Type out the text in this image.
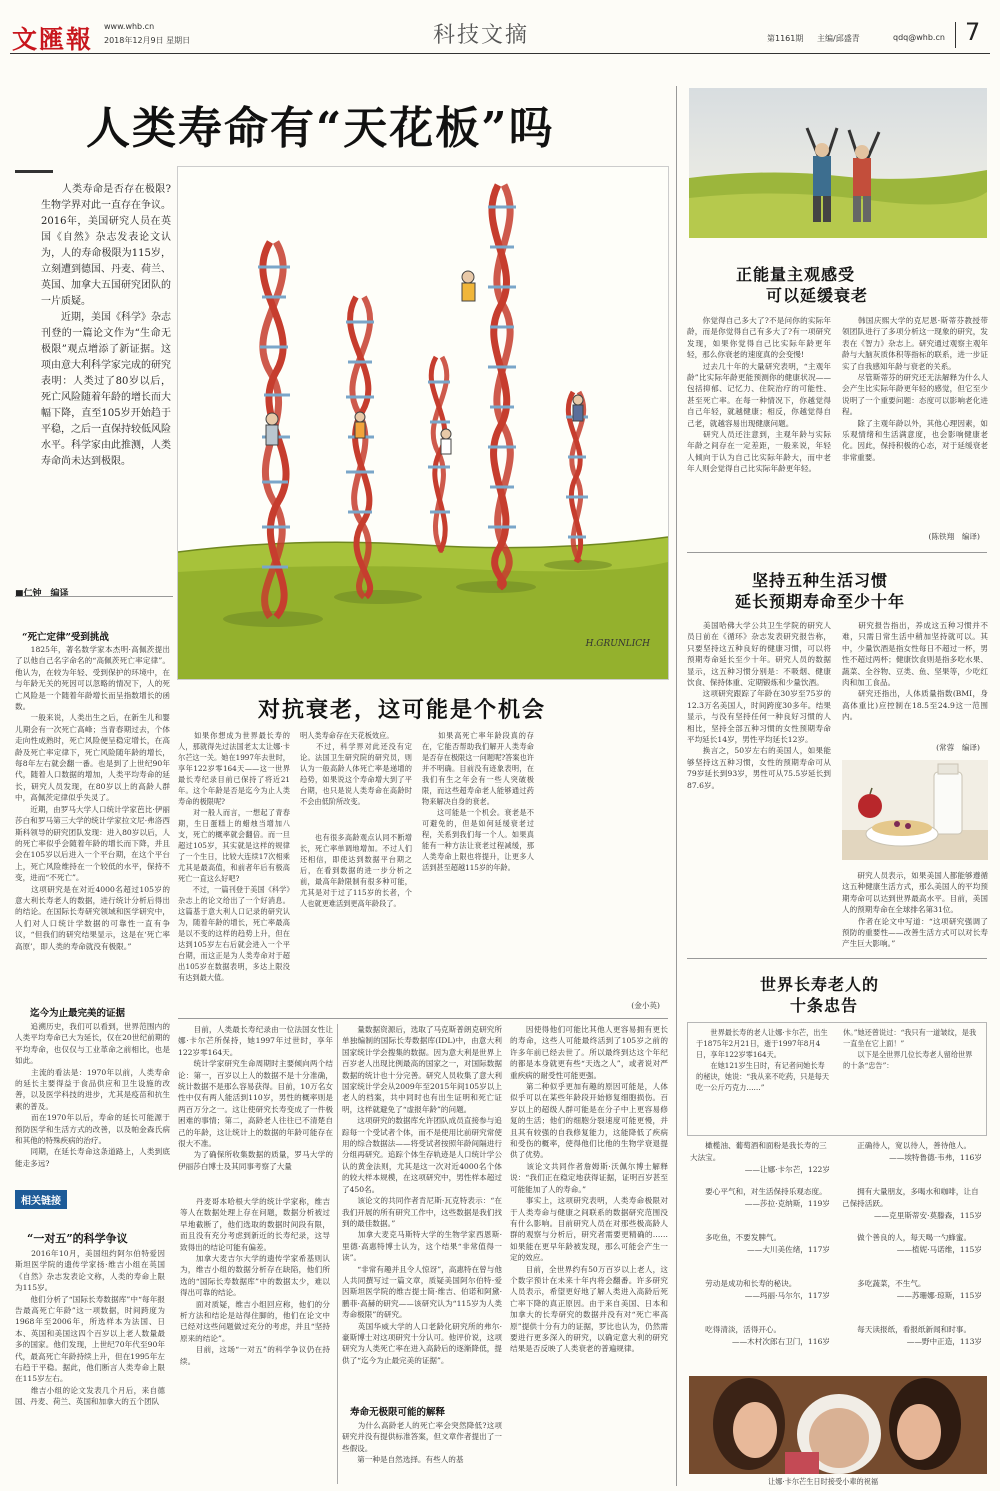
文匯報 www.whb.cn
2018年12月9日 星期日	科技文摘	第1161期 主编/邱盛青	qdq@whb.cn 7
人类寿命有“天花板”吗
　　人类寿命是否存在极限?生物学界对此一直存在争议。2016年，美国研究人员在英国《自然》杂志发表论文认为，人的寿命极限为115岁，立刻遭到德国、丹麦、荷兰、英国、加拿大五国研究团队的一片质疑。
　　近期，美国《科学》杂志刊登的一篇论文作为“生命无极限”观点增添了新证据。这项由意大利科学家完成的研究表明：人类过了80岁以后，死亡风险随着年龄的增长而大幅下降，直至105岁开始趋于平稳，之后一直保持较低风险水平。科学家由此推测，人类寿命尚未达到极限。
■仁钟　编译
H.GRUNLICH
对抗衰老，这可能是个机会
“死亡定律”受到挑战
　　1825年，著名数学家本杰明·高佩茨提出了以他自己名字命名的“高佩茨死亡率定律”。他认为，在较为年轻、受到保护的环境中，在与年龄无关的死因可以忽略的情况下，人的死亡风险是一个随着年龄增长而呈指数增长的函数。
　　一般来说，人类出生之后，在新生儿和婴儿期会有一次死亡高峰；当青春期过去，个体走向性成熟时，死亡风险便呈稳定增长，在高龄及死亡率定律下，死亡风险随年龄的增长，每8年左右就会翻一番。也是到了上世纪90年代，随着人口数据的增加，人类平均寿命的延长，研究人员发现，在80岁以上的高龄人群中，高佩茨定律似乎失灵了。
　　近期，由罗马大学人口统计学家芭比·伊丽莎白和罗马第三大学的统计学家拉文尼·弗洛西斯科领导的研究团队发现：进入80岁以后，人的死亡率似乎会随着年龄的增长而下降，并且会在105岁以后进入一个平台期，在这个平台上，死亡风险维持在一个较低的水平，保持不变，进而“不死亡”。
　　这项研究是在对近4000名超过105岁的意大利长寿老人的数据，进行统计分析后得出的结论。在国际长寿研究领域和医学研究中，人们对人口统计学数据的可靠性一直有争议，“但我们的研究结果显示，这是在‘死亡率高原’，即人类的寿命就没有极限。”
迄今为止最完美的证据
　　追溯历史，我们可以看到，世界范围内的人类平均寿命已大为延长，仅在20世纪前期的平均寿命，也仅仅与工业革命之前相比，也是如此。
　　主流的看法是：1970年以前，人类寿命的延长主要得益于食品供应和卫生设施的改善，以及医学科技的进步，尤其是疫苗和抗生素的普及。
　　而在1970年以后，寿命的延长可能源于预防医学和生活方式的改善，以及帕金森氏病和其他的特殊疾病的治疗。
　　同期，在延长寿命这条道路上，人类到底能走多远?
　　如果你想成为世界最长寿的人，那就得先过法国老太太让娜·卡尔芒这一关。她在1997年去世时，享年122岁零164天——这一世界最长寿纪录目前已保持了将近21年。这个年龄是否是迄今为止人类寿命的极限呢?
　　对一般人而言，一想起了青春期，生日蛋糕上的蜡烛当增加八支，死亡的概率就会翻倍。而一旦超过105岁，其实就是这样的规律了一个生日，比较大连续17次相乘尤其是最高值，和前者年后有极高死亡一直这么好吧?
　　不过，一篇刊登于美国《科学》杂志上的论文给出了一个好消息。这篇基于意大利人口记录的研究认为，随着年龄的增长，死亡率最高是以不变的这样的趋势上升，但在达到105岁左右后就会进入一个平台期，而这正是为人类寿命对于超出105岁在数据表明，多达上限没有达到最大值。
明人类寿命存在天花板效应。
　　不过，科学界对此还没有定论。法国卫生研究院的研究员，则认为一般高龄人体死亡率是递增的趋势，如果说这个寿命增大到了平台期，也只是说人类寿命在高龄时不会由低阶所改变。
　　也有很多高龄观点认同不断增长，死亡率单调地增加。不过人们还相信，即使达到数据平台期之后，在看到数据的进一步分析之前，最高年龄限制有很多种可能，尤其是对于过了115岁的长者，个人也就更难活到更高年龄段了。
　　如果高死亡率年龄段真的存在，它能否帮助我们解开人类寿命是否存在极限这一问题呢?答案也许并不明确。目前没有迹象表明，在我们有生之年会有一些人突破极限，而这些超寿命老人能够通过药物来解决自身的衰老。
　　这可能是一个机会。衰老是不可避免的，但是如何延缓衰老过程，关系到我们每一个人。如果真能有一种方法让衰老过程减缓，那人类寿命上限也将提升，让更多人活到甚至超越115岁的年龄。
(金小英)
　　目前，人类最长寿纪录由一位法国女性让娜·卡尔芒所保持，她1997年过世时，享年122岁零164天。
　　统计学家研究生命周期时主要倾向两个结论：第一，百岁以上人的数据不是十分准确，统计数据不是那么容易获得。目前，10万名女性中仅有两人能活到110岁，男性的概率则是两百万分之一。这让使研究长寿变成了一件极困难的事情；第二，高龄老人往往已不清楚自己的年龄，这让统计上的数据的年龄可能存在很大不准。
　　为了确保所收集数据的质量，罗马大学的伊丽莎白博士及其同事考察了大量
　　量数据资源后，选取了马克斯普朗克研究所单独编制的国际长寿数据库(IDL)中，由意大利国家统计学会搜集的数据。因为意大利是世界上百岁老人出现比例最高的国家之一，对国际数据数据的统计也十分完善。研究人员收集了意大利国家统计学会从2009年至2015年间105岁以上老人的档案，共中同时也有出生证明和死亡证明，这样就避免了“虚报年龄”的问题。
　　这项研究的数据库允许团队成员直接参与追踪每一个受试者个体，而不是使用比前研究常使用的综合数据法——将受试者按照年龄间隔进行分组再研究。追踪个体生存轨迹是人口统计学公认的黄金法则，尤其是这一次对近4000名个体的较大样本规模，在这项研究中，男性样本超过了450名。
　　该论文的共同作者肯尼斯·瓦克特表示：“在我们开展的所有研究工作中，这些数据是我们找到的最佳数据。”
　　加拿大麦克马斯特大学的生物学家西恩斯·里德·高惠特博士认为，这个结果“非常值得一读”。
　　“非常有趣并且令人惊讶”，高惠特在曾与他人共同撰写过一篇文章，质疑美国阿尔伯特·爱因斯坦医学院的维吉提士简·维吉、伯诺和阿黛·鹏菲·高赫的研究——该研究认为“115岁为人类寿命极限”的研究。
　　英国华威大学的人口老龄化研究所的弗尔·豪斯博士对这项研究十分认可。他评价说，这项研究为人类死亡率在进入高龄后的逐渐降低，提供了“迄今为止最完美的证据”。
寿命无极限可能的解释
　　为什么高龄老人的死亡率会突然降低?这项研究并没有提供标准答案，但文章作者提出了一些假设。
　　第一种是自然选择。有些人的基
　　因使得他们可能比其他人更容易拥有更长的寿命，这些人可能最终活到了105岁之前的许多年前已经去世了。所以最终到达这个年纪的都是本身就更有些“天选之人”，或者说对严重疾病的耐受性可能更强。
　　第二种似乎更加有趣的原因可能是，人体似乎可以在某些年龄段开始修复细胞损伤。百岁以上的超级人群可能是在分子中上更容易修复的生活；他们的细胞分裂速度可能更慢，并且其有较强的自我修复能力，这能降低了疾病和受伤的概率，使得他们比他的生物学衰退提供了优势。
　　该论文共同作者詹姆斯·沃佩尔博士解释说：“我们正在稳定地获得证据，证明百岁甚至可能能加了人的寿命。”
　　事实上，这项研究表明，人类寿命极限对于人类寿命与健康之间联系的数据研究范围没有什么影响。目前研究人员在对那些极高龄人群的观察与分析后，研究者需要更精确的……如果能在更早年龄被发现，那么可能会产生一定的效应。
　　目前，全世界约有50万百岁以上老人，这个数字预计在未来十年内将会翻番。许多研究人员表示，希望更好地了解人类进入高龄后死亡率下降的真正原因。由于来自美国、日本和加拿大的长寿研究的数据并没有对“死亡率高原”提供十分有力的证据，罗比也认为，仍然需要进行更多深入的研究，以确定意大利的研究结果是否反映了人类衰老的普遍规律。
相关链接
“一对五”的科学争议
　　2016年10月，美国纽约阿尔伯特爱因斯坦医学院的遗传学家扬·维吉小组在英国《自然》杂志发表论文称，人类的寿命上限为115岁。
　　他们分析了“国际长寿数据库”中“每年报告最高死亡年龄”这一项数据，时间跨度为1968年至2006年，所选样本为法国、日本、英国和美国这四个百岁以上老人数量最多的国家。他们发现，上世纪70年代至90年代，最高死亡年龄持续上升，但在1995年左右趋于平稳。据此，他们断言人类寿命上限在115岁左右。
　　维吉小组的论文发表几个月后，来自德国、丹麦、荷兰、英国和加拿大的五个团队
　　丹麦哥本哈根大学的统计学家称，维吉等人在数据处理上存在问题，数据分析被过早地截断了，他们选取的数据时间段有限，而且没有充分考虑到新近的长寿纪录，这导致得出的结论可能有偏差。
　　加拿大麦吉尔大学的遗传学家希基则认为，维吉小组的数据分析存在缺陷，他们所选的“国际长寿数据库”中的数据太少，难以得出可靠的结论。
　　面对质疑，维吉小组回应称，他们的分析方法和结论是站得住脚的，他们在论文中已经对这些问题做过充分的考虑，并且“坚持原来的结论”。
　　目前，这场“一对五”的科学争议仍在持续。
正能量主观感受
可以延缓衰老
　　你觉得自己多大了?不是问你的实际年龄，而是你觉得自己有多大了?有一项研究发现，如果你觉得自己比实际年龄更年轻，那么你衰老的速度真的会变慢!
　　过去几十年的大量研究表明，“主观年龄”比实际年龄更能预测你的健康状况——包括抑郁、记忆力、住院治疗的可能性、甚至死亡率。在每一种情况下，你越觉得自己年轻，就越健康；相反，你越觉得自己老，就越容易出现健康问题。
　　研究人员还注意到，主观年龄与实际年龄之间存在一定差距，一般来说，年轻人倾向于认为自己比实际年龄大，而中老年人则会觉得自己比实际年龄更年轻。
　　韩国庆熙大学的克尼恩·斯蒂芬教授带领团队进行了多项分析这一现象的研究，发表在《智力》杂志上。研究通过观察主观年龄与大脑灰质体积等指标的联系，进一步证实了自我感知年龄与衰老的关系。
　　尽管斯蒂芬的研究还无法解释为什么人会产生比实际年龄更年轻的感觉，但它至少说明了一个重要问题：态度可以影响老化进程。
　　除了主观年龄以外，其他心理因素，如乐观情绪和生活满意度，也会影响健康老化。因此，保持积极的心态，对于延缓衰老非常重要。
(陈铁翔　编译)
坚持五种生活习惯
延长预期寿命至少十年
　　美国哈佛大学公共卫生学院的研究人员日前在《循环》杂志发表研究报告称，只要坚持这五种良好的健康习惯，可以将预期寿命延长至少十年。研究人员的数据显示，这五种习惯分别是：不吸烟、健康饮食、保持体重、定期锻炼和少量饮酒。
　　这项研究跟踪了年龄在30岁至75岁的12.3万名美国人，时间跨度30多年。结果显示，与没有坚持任何一种良好习惯的人相比，坚持全部五种习惯的女性预期寿命平均延长14岁，男性平均延长12岁。
　　换言之，50岁左右的美国人，如果能够坚持这五种习惯，女性的预期寿命可从79岁延长到93岁，男性可从75.5岁延长到87.6岁。
　　研究报告指出，养成这五种习惯并不难，只需日常生活中稍加坚持就可以。其中，少量饮酒是指女性每日不超过一杯，男性不超过两杯；健康饮食则是指多吃水果、蔬菜、全谷物、豆类、鱼、坚果等，少吃红肉和加工食品。
　　研究还指出，人体质量指数(BMI，身高体重比)应控制在18.5至24.9这一范围内。
(常蓉　编译)
　　研究人员表示，如果美国人都能够遵循这五种健康生活方式，那么美国人的平均预期寿命可以达到世界最高水平。目前，美国人的预期寿命在全球排名第31位。
　　作者在论文中写道：“这项研究强调了预防的重要性——改善生活方式可以对长寿产生巨大影响。”
世界长寿老人的
十条忠告
　　世界最长寿的老人让娜·卡尔芒，出生于1875年2月21日，逝于1997年8月4日，享年122岁零164天。
　　在她121岁生日时，有记者问她长寿的秘诀，她说：“我从来不吃药，只是每天吃一公斤巧克力……”
休。”她还曾说过：“我只有一道皱纹，是我一直坐在它上面！”
　　以下是全世界几位长寿老人留给世界的十条“忠告”：
　　橄榄油、葡萄酒和面粉是我长寿的三大法宝。
——让娜·卡尔芒，122岁
　　要心平气和，对生活保持乐观态度。
——莎拉·克纳斯，119岁
　　多吃鱼，不要发脾气。
——大川美佐绪，117岁
　　劳动是成功和长寿的秘诀。
——玛丽·马尔尔，117岁
　　吃得清淡，活得开心。
——木村次郎右卫门，116岁
　　正确待人，宽以待人，善待他人。
——埃特鲁德·韦弗，116岁
　　拥有大量朋友，多喝水和咖啡，让自己保持活跃。
——克里斯蒂安·莫滕森，115岁
　　做个善良的人，每天喝一勺蜂蜜。
——植妮·马诺维，115岁
　　多吃蔬菜，不生气。
——苏珊娜·琼斯，115岁
　　每天读报纸，看报纸新闻和时事。
——野中正造，113岁
让娜·卡尔芒生日时接受小辈的祝福
